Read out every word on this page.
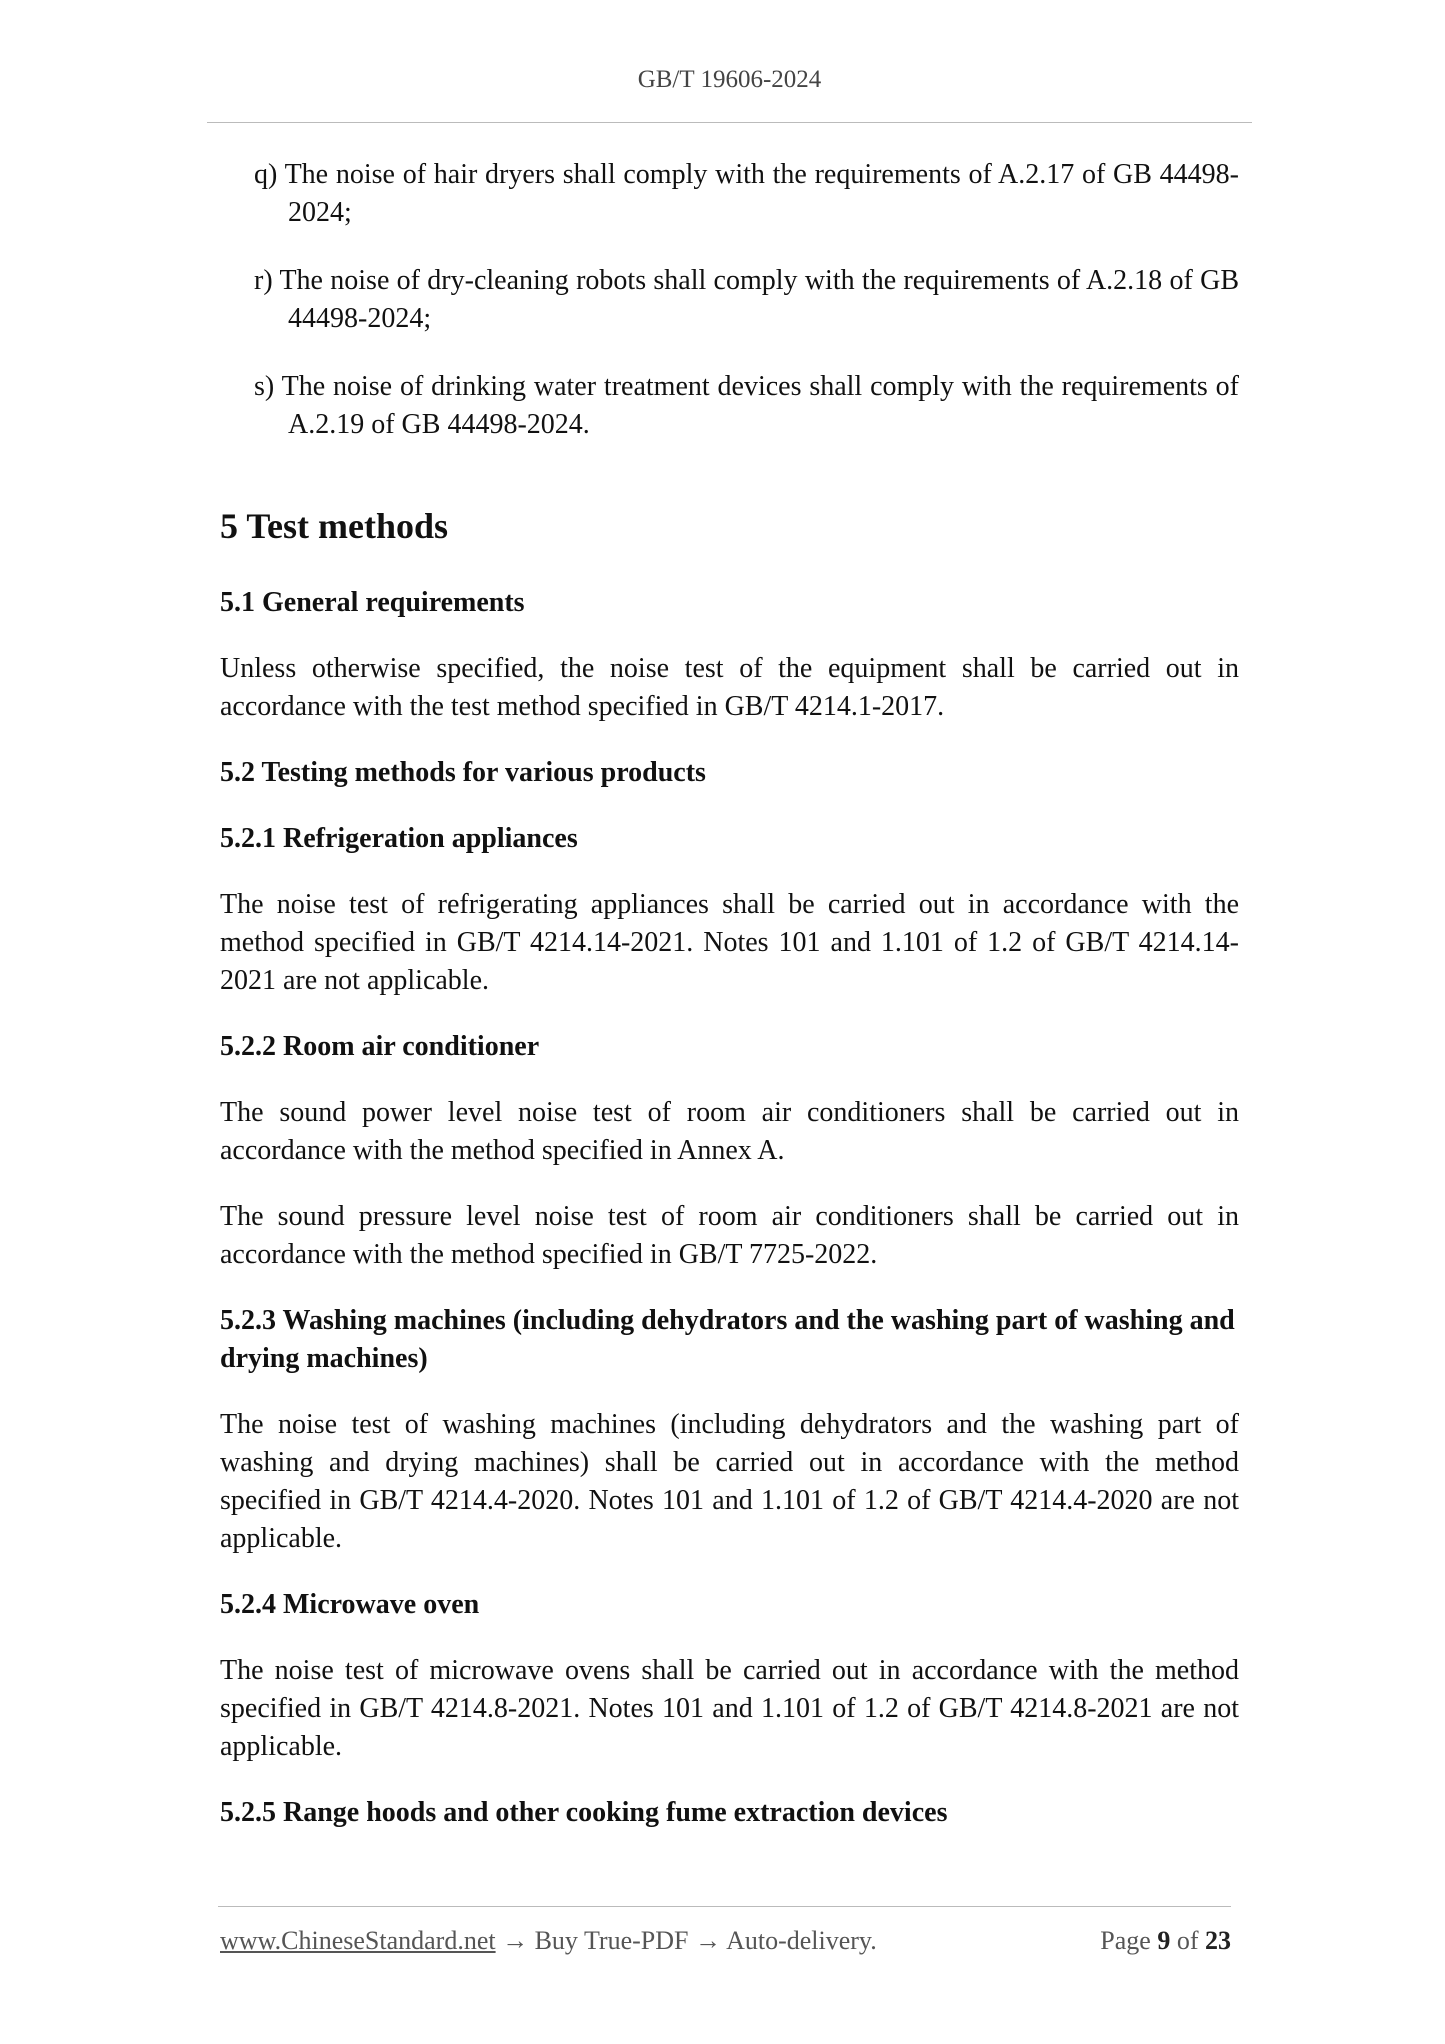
GB/T 19606-2024
q) The noise of hair dryers shall comply with the requirements of A.2.17 of GB 44498-2024;
r) The noise of dry-cleaning robots shall comply with the requirements of A.2.18 of GB 44498-2024;
s) The noise of drinking water treatment devices shall comply with the requirements of A.2.19 of GB 44498-2024.
5 Test methods
5.1 General requirements

Unless otherwise specified, the noise test of the equipment shall be carried out in accordance with the test method specified in GB/T 4214.1-2017.

5.2 Testing methods for various products
5.2.1 Refrigeration appliances

The noise test of refrigerating appliances shall be carried out in accordance with the method specified in GB/T 4214.14-2021. Notes 101 and 1.101 of 1.2 of GB/T 4214.14-2021 are not applicable.

5.2.2 Room air conditioner

The sound power level noise test of room air conditioners shall be carried out in accordance with the method specified in Annex A.

The sound pressure level noise test of room air conditioners shall be carried out in accordance with the method specified in GB/T 7725-2022.

5.2.3 Washing machines (including dehydrators and the washing part of washing and drying machines)

The noise test of washing machines (including dehydrators and the washing part of washing and drying machines) shall be carried out in accordance with the method specified in GB/T 4214.4-2020. Notes 101 and 1.101 of 1.2 of GB/T 4214.4-2020 are not applicable.

5.2.4 Microwave oven

The noise test of microwave ovens shall be carried out in accordance with the method specified in GB/T 4214.8-2021. Notes 101 and 1.101 of 1.2 of GB/T 4214.8-2021 are not applicable.

5.2.5 Range hoods and other cooking fume extraction devices
www.ChineseStandard.net → Buy True-PDF → Auto-delivery.	Page 9 of 23
